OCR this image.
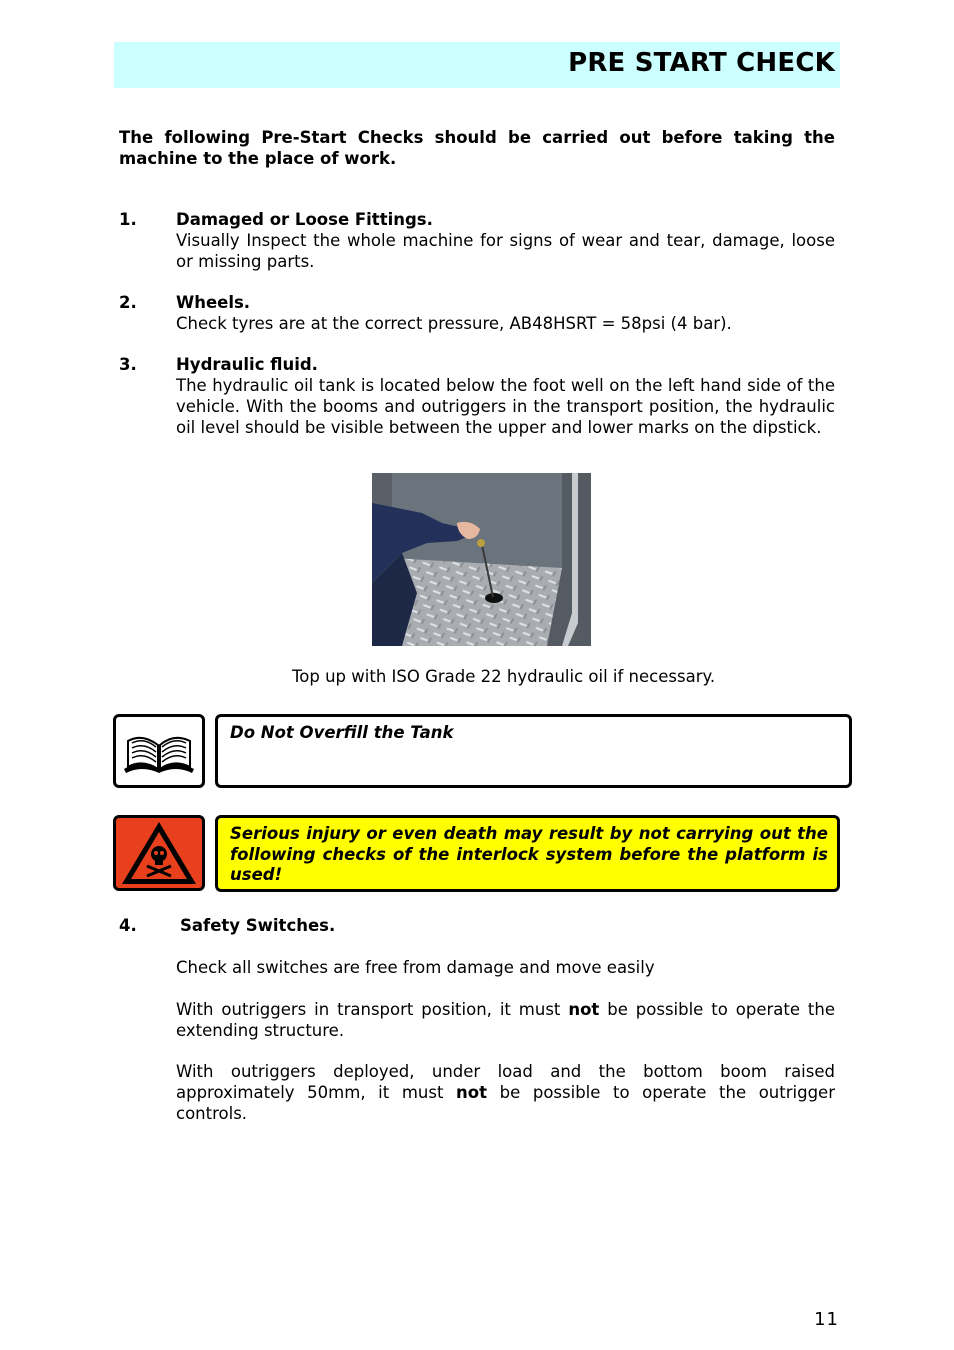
PRE START CHECK
The following Pre-Start Checks should be carried out before taking the machine to the place of work.
1. Damaged or Loose Fittings.
Visually Inspect the whole machine for signs of wear and tear, damage, loose or missing parts.
2. Wheels.
Check tyres are at the correct pressure, AB48HSRT = 58psi (4 bar).
3. Hydraulic fluid.
The hydraulic oil tank is located below the foot well on the left hand side of the vehicle. With the booms and outriggers in the transport position, the hydraulic oil level should be visible between the upper and lower marks on the dipstick.
Top up with ISO Grade 22 hydraulic oil if necessary.
Do Not Overfill the Tank
Serious injury or even death may result by not carrying out the following checks of the interlock system before the platform is used!
4.	Safety Switches.
Check all switches are free from damage and move easily
With outriggers in transport position, it must not be possible to operate the extending structure.
With outriggers deployed, under load and the bottom boom raised approximately 50mm, it must not be possible to operate the outrigger controls.
11
